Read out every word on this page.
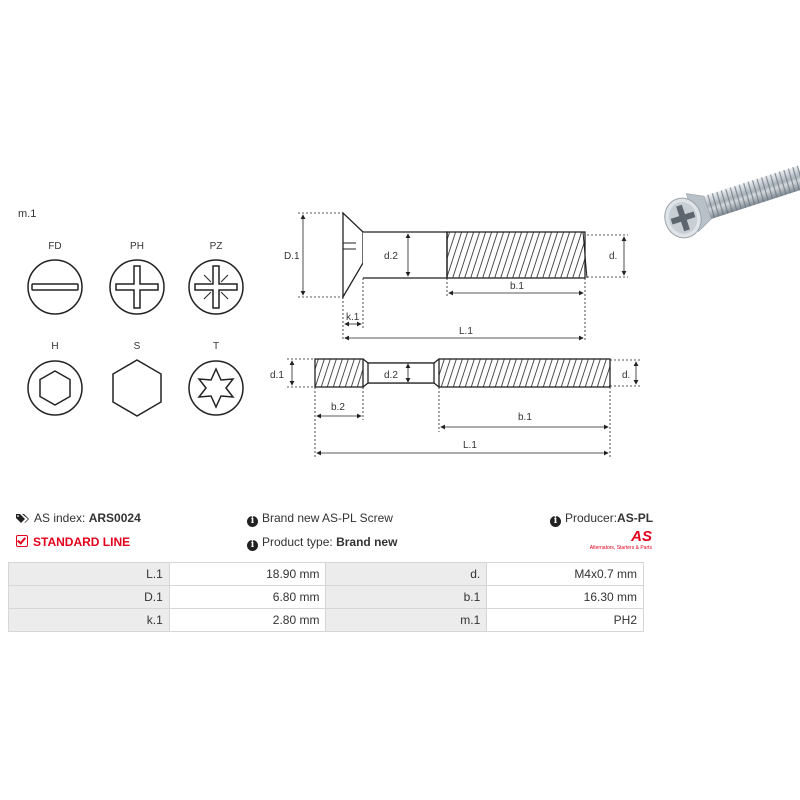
m.1
FD	PH	PZ
H	S	T
D.1	d.2	d.
b.1
k.1
L.1
d.1	d.2	d.
b.2
b.1
L.1
AS index: ARS0024
STANDARD LINE
i Brand new AS-PL Screw
i Product type: Brand new
i Producer:AS-PL
AS
Alternators, Starters & Parts
L.1	18.90 mm	d.	M4x0.7 mm
D.1	6.80 mm	b.1	16.30 mm
k.1	2.80 mm	m.1	PH2
